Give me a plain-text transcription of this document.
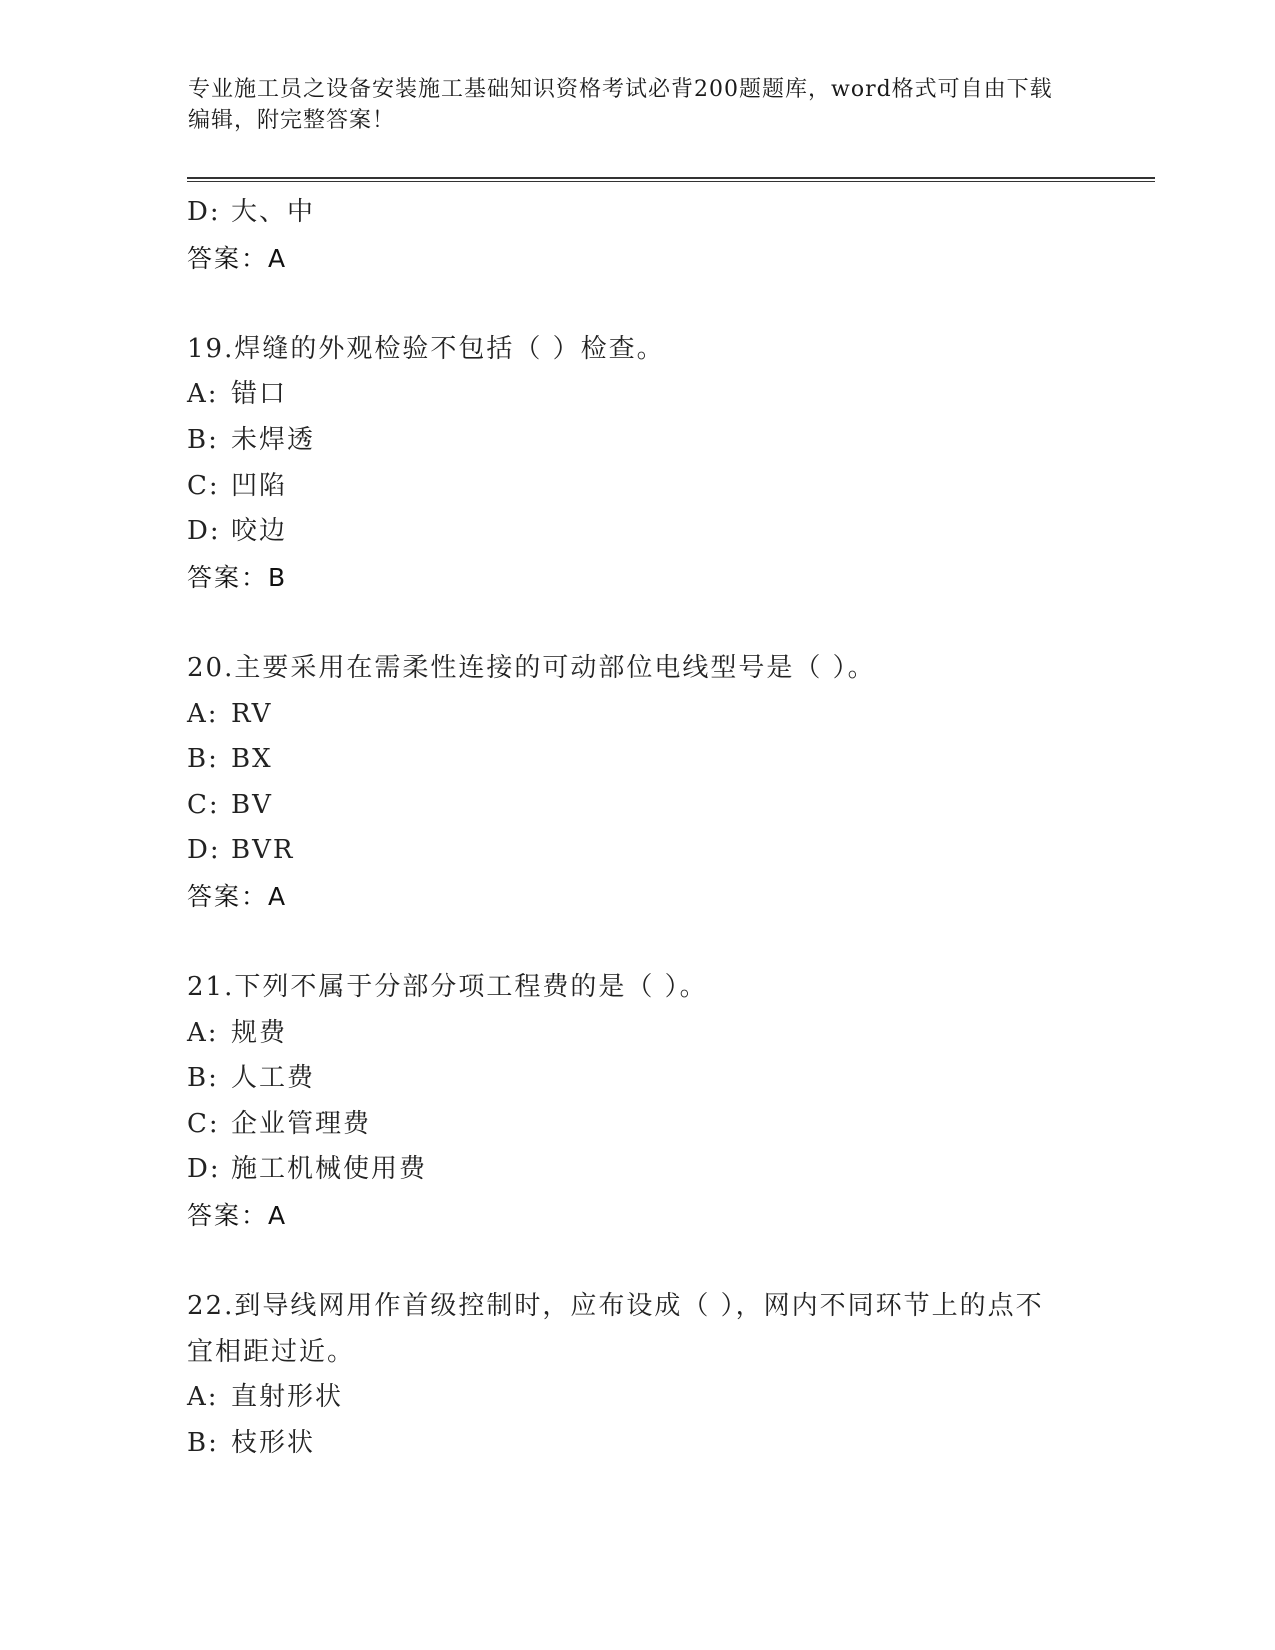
专业施工员之设备安装施工基础知识资格考试必背200题题库，word格式可自由下载编辑，附完整答案！
D: 大、中
答案：A
19.焊缝的外观检验不包括（ ）检查。
A: 错口
B: 未焊透
C: 凹陷
D: 咬边
答案：B
20.主要采用在需柔性连接的可动部位电线型号是（ ）。
A: RV
B: BX
C: BV
D: BVR
答案：A
21.下列不属于分部分项工程费的是（ ）。
A: 规费
B: 人工费
C: 企业管理费
D: 施工机械使用费
答案：A
22.到导线网用作首级控制时，应布设成（ ），网内不同环节上的点不宜相距过近。
A: 直射形状
B: 枝形状
